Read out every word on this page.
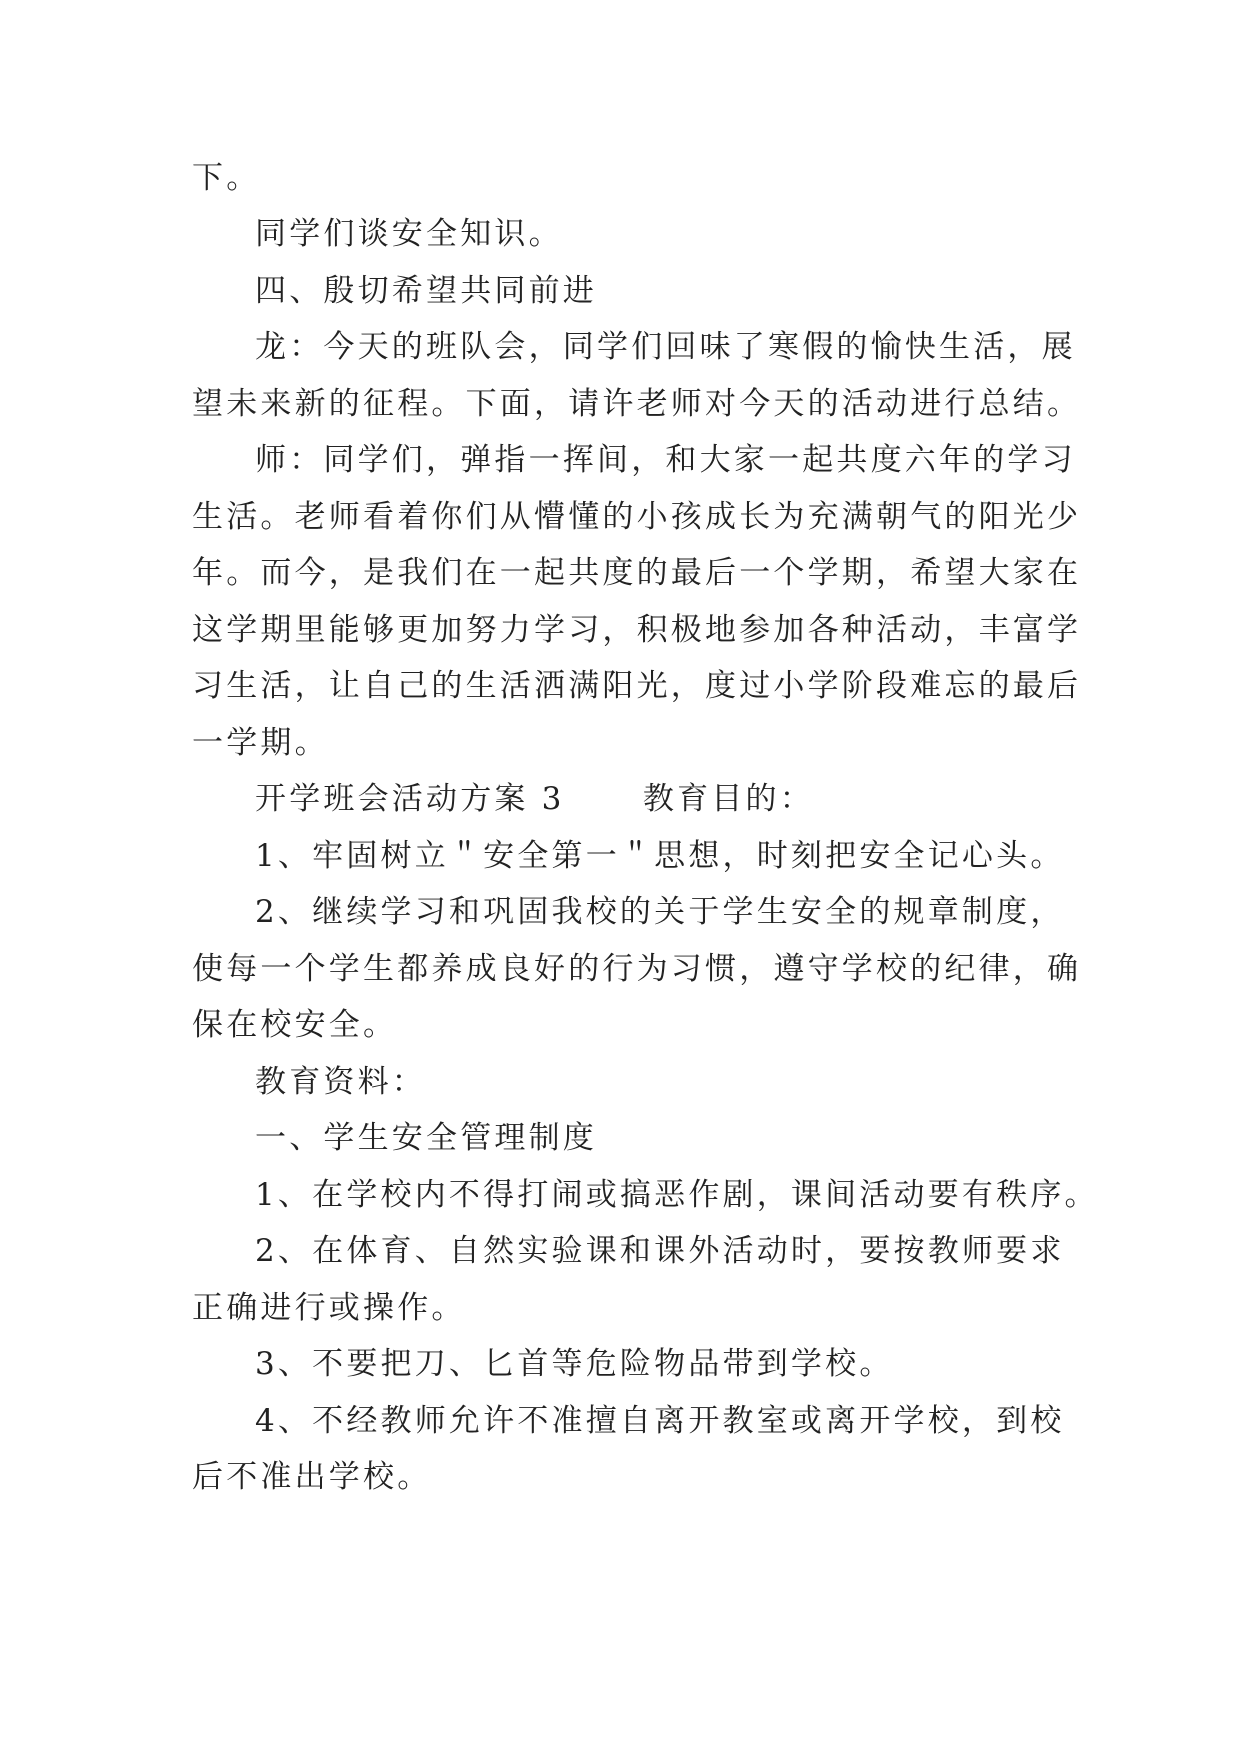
下。
同学们谈安全知识。
四、殷切希望共同前进
龙：今天的班队会，同学们回味了寒假的愉快生活，展
望未来新的征程。下面，请许老师对今天的活动进行总结。
师：同学们，弹指一挥间，和大家一起共度六年的学习
生活。老师看着你们从懵懂的小孩成长为充满朝气的阳光少
年。而今，是我们在一起共度的最后一个学期，希望大家在
这学期里能够更加努力学习，积极地参加各种活动，丰富学
习生活，让自己的生活洒满阳光，度过小学阶段难忘的最后
一学期。
开学班会活动方案 3      教育目的：
1、牢固树立＂安全第一＂思想，时刻把安全记心头。
2、继续学习和巩固我校的关于学生安全的规章制度，
使每一个学生都养成良好的行为习惯，遵守学校的纪律，确
保在校安全。
教育资料：
一、学生安全管理制度
1、在学校内不得打闹或搞恶作剧，课间活动要有秩序。
2、在体育、自然实验课和课外活动时，要按教师要求
正确进行或操作。
3、不要把刀、匕首等危险物品带到学校。
4、不经教师允许不准擅自离开教室或离开学校，到校
后不准出学校。
